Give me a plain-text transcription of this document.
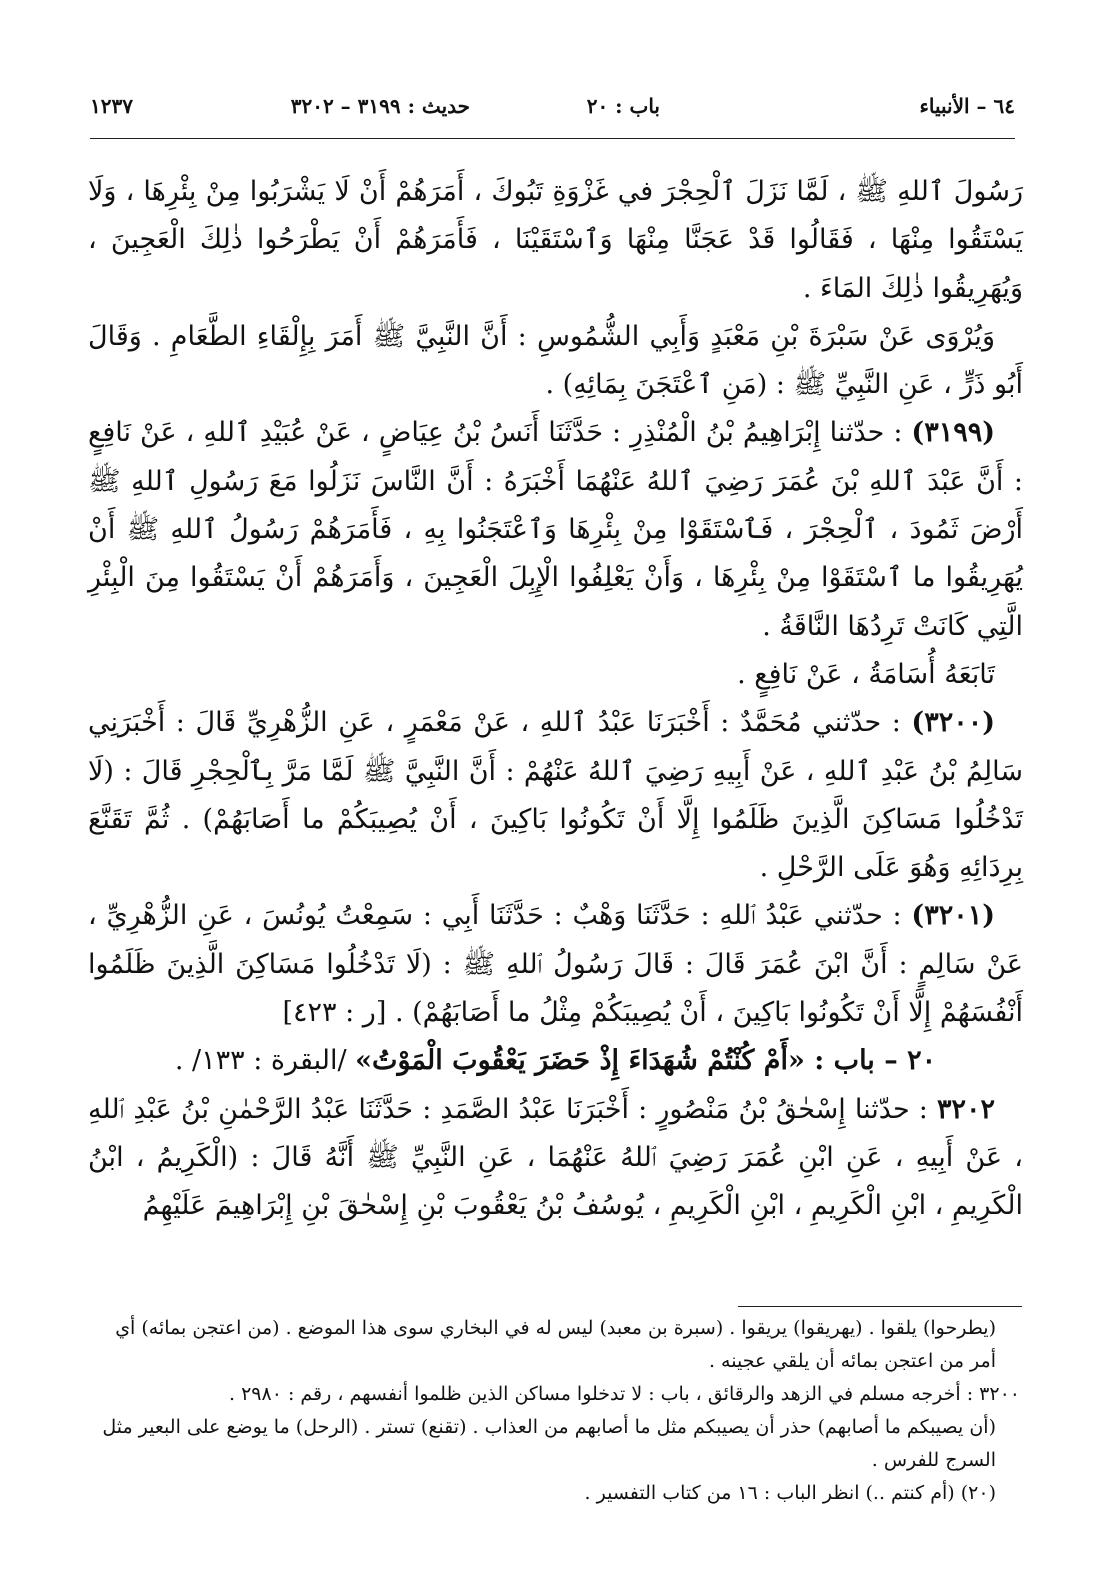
٦٤ – الأنبياء
باب : ٢٠
حديث : ٣١٩٩ – ٣٢٠٢
١٢٣٧

رَسُولَ ٱللهِ ﷺ ، لَمَّا نَزَلَ ٱلْحِجْرَ في غَزْوَةِ تَبُوكَ ، أَمَرَهُمْ أَنْ لَا يَشْرَبُوا مِنْ بِئْرِهَا ، وَلَا يَسْتَقُوا مِنْهَا ، فَقَالُوا قَدْ عَجَنَّا مِنْهَا وَٱسْتَقَيْنَا ، فَأَمَرَهُمْ أَنْ يَطْرَحُوا ذٰلِكَ الْعَجِينَ ، وَيُهَرِيقُوا ذٰلِكَ المَاءَ .

وَيُرْوَى عَنْ سَبْرَةَ بْنِ مَعْبَدٍ وَأَبِي الشُّمُوسِ : أَنَّ النَّبِيَّ ﷺ أَمَرَ بِإِلْقَاءِ الطَّعَامِ . وَقَالَ أَبُو ذَرٍّ ، عَنِ النَّبِيِّ ﷺ : (مَنِ ٱعْتَجَنَ بِمَائِهِ) .

(٣١٩٩) : حدّثنا إِبْرَاهِيمُ بْنُ الْمُنْذِرِ : حَدَّثَنَا أَنَسُ بْنُ عِيَاضٍ ، عَنْ عُبَيْدِ ٱللهِ ، عَنْ نَافِعٍ : أَنَّ عَبْدَ ٱللهِ بْنَ عُمَرَ رَضِيَ ٱللهُ عَنْهُمَا أَخْبَرَهُ : أَنَّ النَّاسَ نَزَلُوا مَعَ رَسُولِ ٱللهِ ﷺ أَرْضَ ثَمُودَ ، ٱلْحِجْرَ ، فَٱسْتَقَوْا مِنْ بِئْرِهَا وَٱعْتَجَنُوا بِهِ ، فَأَمَرَهُمْ رَسُولُ ٱللهِ ﷺ أَنْ يُهَرِيقُوا ما ٱسْتَقَوْا مِنْ بِئْرِهَا ، وَأَنْ يَعْلِفُوا الْإِبِلَ الْعَجِينَ ، وَأَمَرَهُمْ أَنْ يَسْتَقُوا مِنَ الْبِئْرِ الَّتِي كَانَتْ تَرِدُهَا النَّاقَةُ .

تَابَعَهُ أُسَامَةُ ، عَنْ نَافِعٍ .

(٣٢٠٠) : حدّثني مُحَمَّدٌ : أَخْبَرَنَا عَبْدُ ٱللهِ ، عَنْ مَعْمَرٍ ، عَنِ الزُّهْرِيِّ قَالَ : أَخْبَرَنِي سَالِمُ بْنُ عَبْدِ ٱللهِ ، عَنْ أَبِيهِ رَضِيَ ٱللهُ عَنْهُمْ : أَنَّ النَّبِيَّ ﷺ لَمَّا مَرَّ بِٱلْحِجْرِ قَالَ : (لَا تَدْخُلُوا مَسَاكِنَ الَّذِينَ ظَلَمُوا إِلَّا أَنْ تَكُونُوا بَاكِينَ ، أَنْ يُصِيبَكُمْ ما أَصَابَهُمْ) . ثُمَّ تَقَنَّعَ بِرِدَائِهِ وَهُوَ عَلَى الرَّحْلِ .

(٣٢٠١) : حدّثني عَبْدُ ٱللهِ : حَدَّثَنَا وَهْبٌ : حَدَّثَنَا أَبِي : سَمِعْتُ يُونُسَ ، عَنِ الزُّهْرِيِّ ، عَنْ سَالِمٍ : أَنَّ ابْنَ عُمَرَ قَالَ : قَالَ رَسُولُ ٱللهِ ﷺ : (لَا تَدْخُلُوا مَسَاكِنَ الَّذِينَ ظَلَمُوا أَنْفُسَهُمْ إِلَّا أَنْ تَكُونُوا بَاكِينَ ، أَنْ يُصِيبَكُمْ مِثْلُ ما أَصَابَهُمْ) . [ر : ٤٢٣]

٢٠ – باب : «أَمْ كُنْتُمْ شُهَدَاءَ إِذْ حَضَرَ يَعْقُوبَ الْمَوْتُ» /البقرة : ١٣٣/ .

٣٢٠٢ : حدّثنا إِسْحٰقُ بْنُ مَنْصُورٍ : أَخْبَرَنَا عَبْدُ الصَّمَدِ : حَدَّثَنَا عَبْدُ الرَّحْمٰنِ بْنُ عَبْدِ ٱللهِ ، عَنْ أَبِيهِ ، عَنِ ابْنِ عُمَرَ رَضِيَ ٱللهُ عَنْهُمَا ، عَنِ النَّبِيِّ ﷺ أَنَّهُ قَالَ : (الْكَرِيمُ ، ابْنُ الْكَرِيمِ ، ابْنِ الْكَرِيمِ ، ابْنِ الْكَرِيمِ ، يُوسُفُ بْنُ يَعْقُوبَ بْنِ إِسْحٰقَ بْنِ إِبْرَاهِيمَ عَلَيْهِمُ

(يطرحوا) يلقوا . (يهريقوا) يريقوا . (سبرة بن معبد) ليس له في البخاري سوى هذا الموضع . (من اعتجن بمائه) أي أمر من اعتجن بمائه أن يلقي عجينه .

٣٢٠٠ : أخرجه مسلم في الزهد والرقائق ، باب : لا تدخلوا مساكن الذين ظلموا أنفسهم ، رقم : ٢٩٨٠ .

(أن يصيبكم ما أصابهم) حذر أن يصيبكم مثل ما أصابهم من العذاب . (تقنع) تستر . (الرحل) ما يوضع على البعير مثل السرج للفرس .

(٢٠) (أم كنتم ..) انظر الباب : ١٦ من كتاب التفسير .
